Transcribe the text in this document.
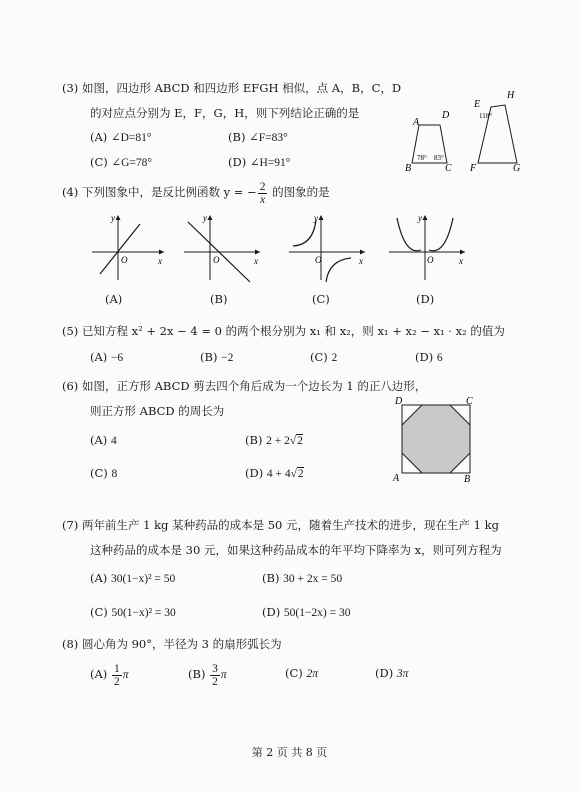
(3) 如图，四边形 ABCD 和四边形 EFGH 相似，点 A，B，C，D
的对应点分别为 E，F，G，H，则下列结论正确的是
(A) ∠D=81°	(B) ∠F=83°
(C) ∠G=78°	(D) ∠H=91°
A
D
B	C
78° 83°
E
H
F	G
118°
(4) 下列图象中，是反比例函数 y = − $\frac{2}{x}$ 的图象的是
y
x
O
(A)
y
x
O
(B)
y
x
O
(C)
y
x
O
(D)
(5) 已知方程 x² + 2x − 4 = 0 的两个根分别为 x₁ 和 x₂，则 x₁ + x₂ − x₁ · x₂ 的值为
(A) −6	(B) −2	(C) 2	(D) 6
(6) 如图，正方形 ABCD 剪去四个角后成为一个边长为 1 的正八边形，
则正方形 ABCD 的周长为
(A) 4	(B) 2 + 2√2
(C) 8	(D) 4 + 4√2
D	C
A	B
(7) 两年前生产 1 kg 某种药品的成本是 50 元，随着生产技术的进步，现在生产 1 kg
这种药品的成本是 30 元，如果这种药品成本的年平均下降率为 x，则可列方程为
(A) 30(1−x)² = 50	(B) 30 + 2x = 50
(C) 50(1−x)² = 30	(D) 50(1−2x) = 30
(8) 圆心角为 90°，半径为 3 的扇形弧长为
$(A) \frac{1}{2}$ π	$(B) \frac{3}{2}$ π	(C) 2π	(D) 3π
第 2 页 共 8 页
